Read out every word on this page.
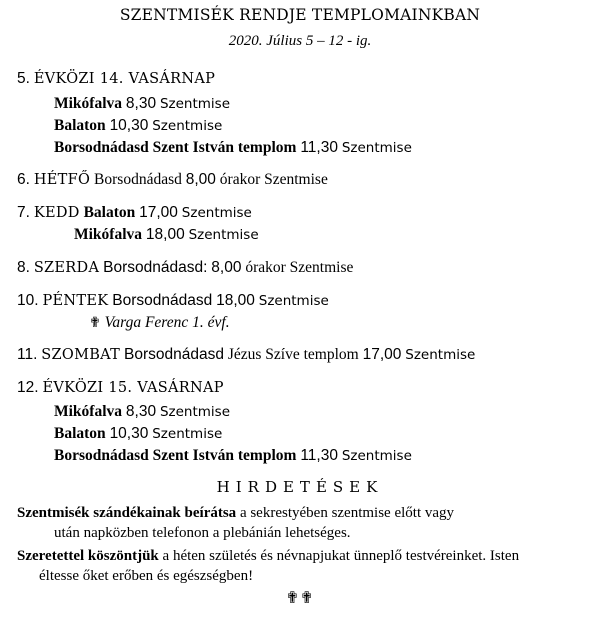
SZENTMISÉK RENDJE TEMPLOMAINKBAN
2020. Július 5 – 12 - ig.
5. ÉVKÖZI 14. VASÁRNAP
Mikófalva 8,30 Szentmise
Balaton 10,30 Szentmise
Borsodnádasd Szent István templom 11,30 Szentmise
6. HÉTFŐ Borsodnádasd 8,00 órakor Szentmise
7. KEDD Balaton 17,00 Szentmise
Mikófalva 18,00 Szentmise
8. SZERDA Borsodnádasd: 8,00 órakor Szentmise
10. PÉNTEK Borsodnádasd 18,00 Szentmise
✟ Varga Ferenc 1. évf.
11. SZOMBAT Borsodnádasd Jézus Szíve templom 17,00 Szentmise
12. ÉVKÖZI 15. VASÁRNAP
Mikófalva 8,30 Szentmise
Balaton 10,30 Szentmise
Borsodnádasd Szent István templom 11,30 Szentmise
HIRDETÉSEK
Szentmisék szándékainak beírátsa a sekrestyében szentmise előtt vagy
után napközben telefonon a plebánián lehetséges.
Szeretettel köszöntjük a héten születés és névnapjukat ünneplő testvéreinket. Isten
éltesse őket erőben és egészségben!
✟✟
